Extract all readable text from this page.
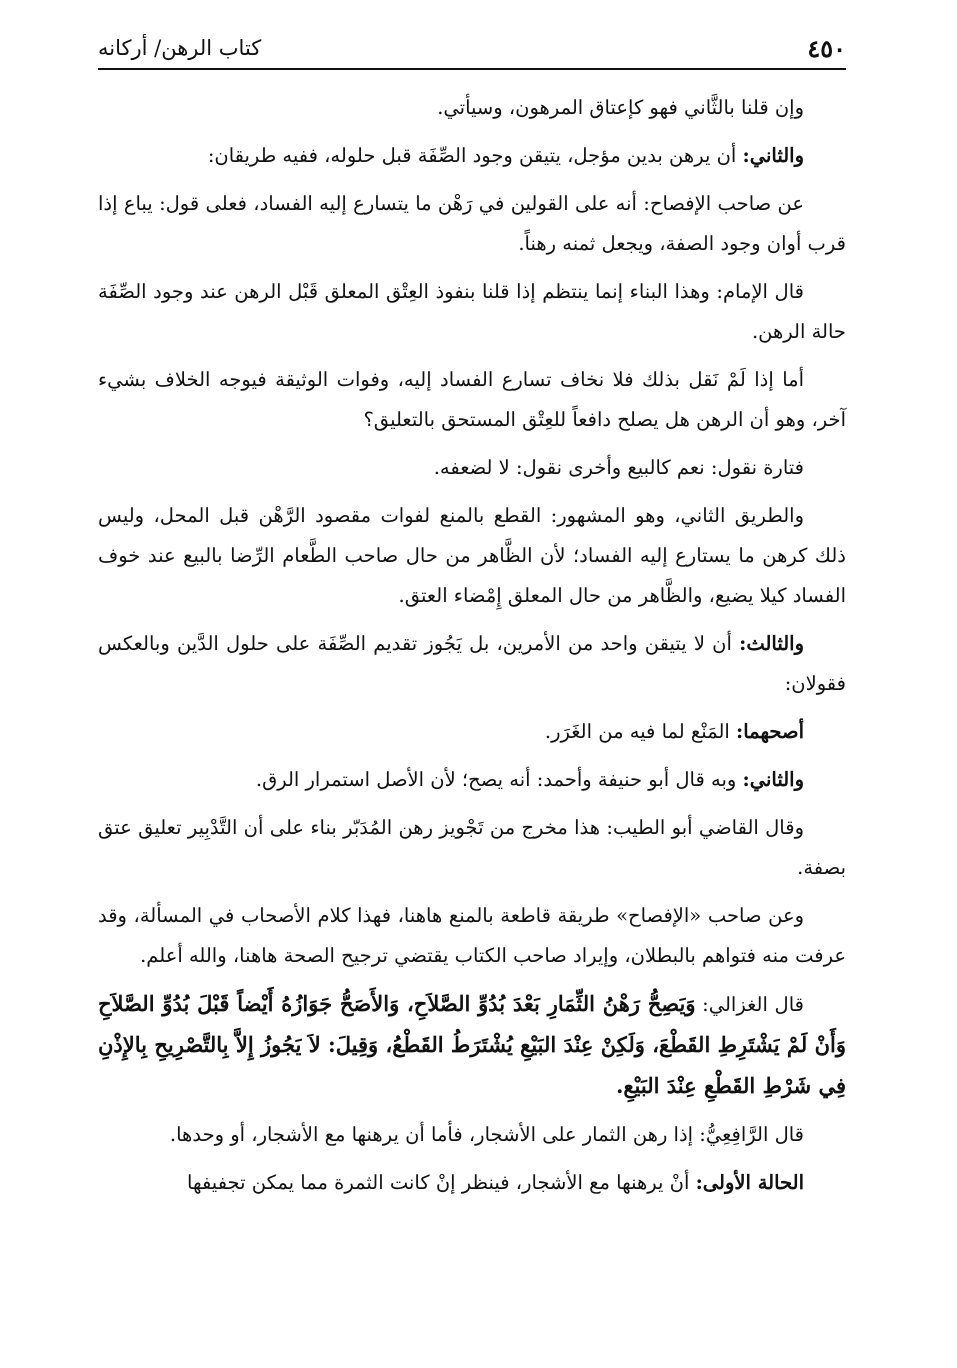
٤٥٠
كتاب الرهن/ أركانه

وإن قلنا بالثَّاني فهو كإعتاق المرهون، وسيأتي.

والثاني: أن يرهن بدين مؤجل، يتيقن وجود الصِّفَة قبل حلوله، ففيه طريقان:

عن صاحب الإفصاح: أنه على القولين في رَهْن ما يتسارع إليه الفساد، فعلى قول: يباع إذا قرب أوان وجود الصفة، ويجعل ثمنه رهناً.

قال الإمام: وهذا البناء إنما ينتظم إذا قلنا بنفوذ العِتْق المعلق قَبْل الرهن عند وجود الصِّفَة حالة الرهن.

أما إذا لَمْ نَقل بذلك فلا نخاف تسارع الفساد إليه، وفوات الوثيقة فيوجه الخلاف بشيء آخر، وهو أن الرهن هل يصلح دافعاً للعِتْق المستحق بالتعليق؟

فتارة نقول: نعم كالبيع وأخرى نقول: لا لضعفه.

والطريق الثاني، وهو المشهور: القطع بالمنع لفوات مقصود الرَّهْن قبل المحل، وليس ذلك كرهن ما يستارع إليه الفساد؛ لأن الظَّاهر من حال صاحب الطَّعام الرِّضا بالبيع عند خوف الفساد كيلا يضيع، والظَّاهر من حال المعلق إِمْضاء العتق.

والثالث: أن لا يتيقن واحد من الأمرين، بل يَجُوز تقديم الصِّفَة على حلول الدَّين وبالعكس فقولان:

أصحهما: المَنْع لما فيه من الغَرَر.

والثاني: وبه قال أبو حنيفة وأحمد: أنه يصح؛ لأن الأصل استمرار الرق.

وقال القاضي أبو الطيب: هذا مخرج من تَجْويز رهن المُدَبّر بناء على أن التَّدْبِير تعليق عتق بصفة.

وعن صاحب «الإفصاح» طريقة قاطعة بالمنع هاهنا، فهذا كلام الأصحاب في المسألة، وقد عرفت منه فتواهم بالبطلان، وإيراد صاحب الكتاب يقتضي ترجيح الصحة هاهنا، والله أعلم.

قال الغزالي: وَيَصِحُّ رَهْنُ الثِّمَارِ بَعْدَ بُدُوِّ الصَّلاَحِ، وَالأَصَحُّ جَوَازُهُ أَيْضاً قَبْلَ بُدُوِّ الصَّلاَحِ وَأَنْ لَمْ يَشْتَرِطِ القَطْعَ، وَلَكِنْ عِنْدَ البَيْعِ يُشْتَرَطُ القَطْعُ، وَقِيلَ: لاَ يَجُوزُ إِلاَّ بِالتَّصْرِيحِ بِالإِذْنِ فِي شَرْطِ القَطْعِ عِنْدَ البَيْعِ.

قال الرَّافِعِيُّ: إذا رهن الثمار على الأشجار، فأما أن يرهنها مع الأشجار، أو وحدها.

الحالة الأولى: أنْ يرهنها مع الأشجار، فينظر إنْ كانت الثمرة مما يمكن تجفيفها
